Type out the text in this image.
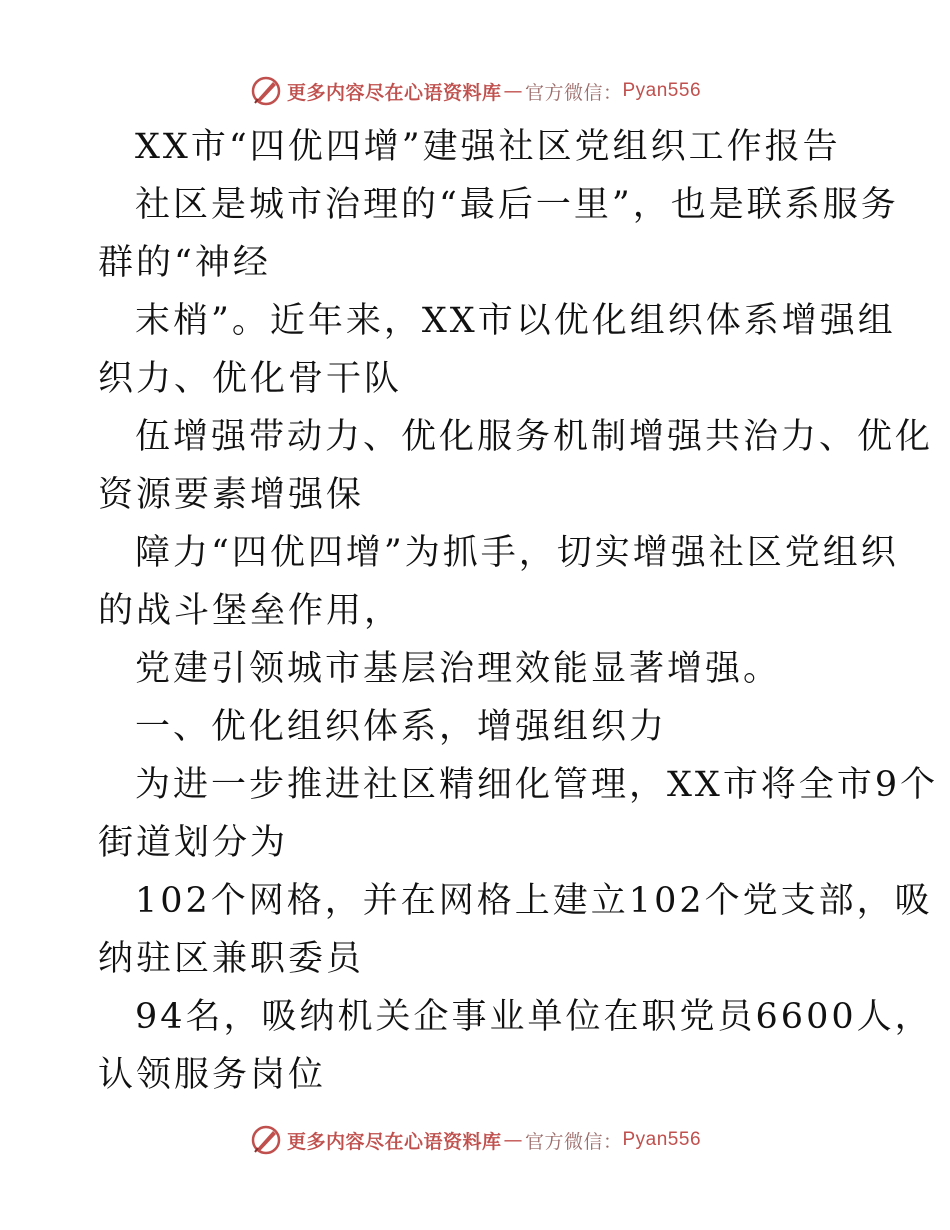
更多内容尽在心语资料库 — 官方微信： Pyan556
XX市“四优四增”建强社区党组织工作报告
社区是城市治理的“最后一里”，也是联系服务
群的“神经
末梢”。近年来，XX市以优化组织体系增强组
织力、优化骨干队
伍增强带动力、优化服务机制增强共治力、优化
资源要素增强保
障力“四优四增”为抓手，切实增强社区党组织
的战斗堡垒作用，
党建引领城市基层治理效能显著增强。
一、优化组织体系，增强组织力
为进一步推进社区精细化管理，XX市将全市9个
街道划分为
102个网格，并在网格上建立102个党支部，吸
纳驻区兼职委员
94名，吸纳机关企事业单位在职党员6600人，
认领服务岗位
更多内容尽在心语资料库 — 官方微信： Pyan556
